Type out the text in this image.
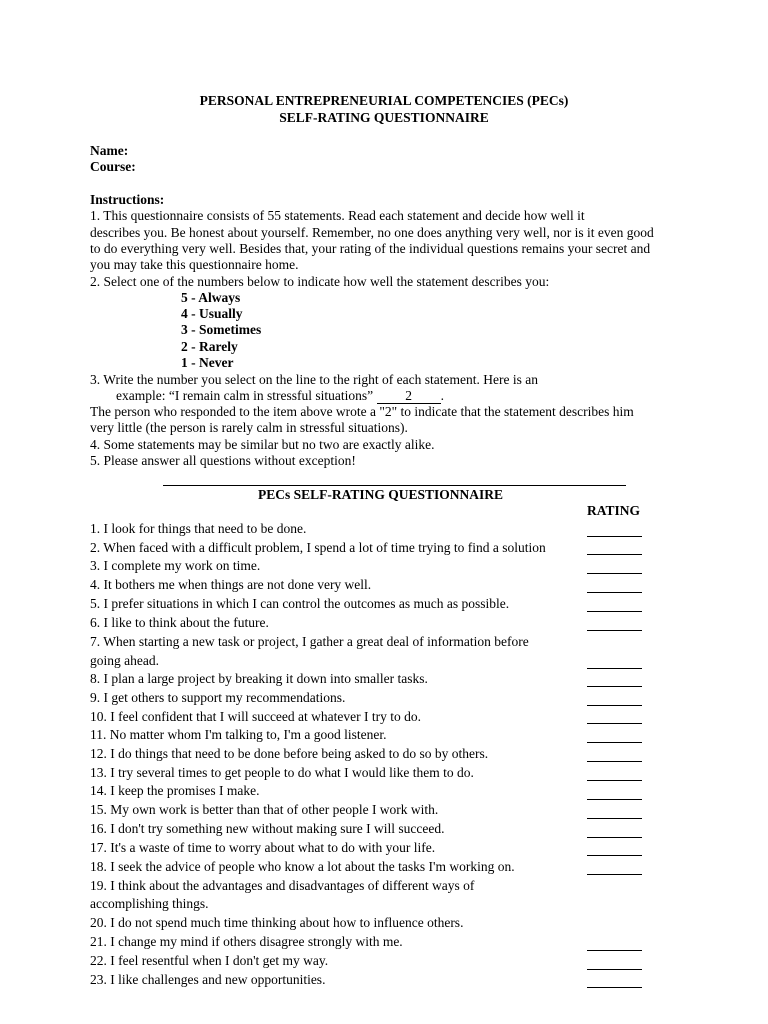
PERSONAL ENTREPRENEURIAL COMPETENCIES (PECs)
SELF-RATING QUESTIONNAIRE
Name:
Course:
Instructions:
1. This questionnaire consists of 55 statements. Read each statement and decide how well it
describes you. Be honest about yourself. Remember, no one does anything very well, nor is it even good
to do everything very well. Besides that, your rating of the individual questions remains your secret and
you may take this questionnaire home.
2. Select one of the numbers below to indicate how well the statement describes you:
5 - Always
4 - Usually
3 - Sometimes
2 - Rarely
1 - Never
3. Write the number you select on the line to the right of each statement. Here is an
example: “I remain calm in stressful situations” 2 .
The person who responded to the item above wrote a "2" to indicate that the statement describes him
very little (the person is rarely calm in stressful situations).
4. Some statements may be similar but no two are exactly alike.
5. Please answer all questions without exception!
PECs SELF-RATING QUESTIONNAIRE
RATING
1. I look for things that need to be done.
2. When faced with a difficult problem, I spend a lot of time trying to find a solution
3. I complete my work on time.
4. It bothers me when things are not done very well.
5. I prefer situations in which I can control the outcomes as much as possible.
6. I like to think about the future.
7. When starting a new task or project, I gather a great deal of information before
going ahead.
8. I plan a large project by breaking it down into smaller tasks.
9. I get others to support my recommendations.
10. I feel confident that I will succeed at whatever I try to do.
11. No matter whom I'm talking to, I'm a good listener.
12. I do things that need to be done before being asked to do so by others.
13. I try several times to get people to do what I would like them to do.
14. I keep the promises I make.
15. My own work is better than that of other people I work with.
16. I don't try something new without making sure I will succeed.
17. It's a waste of time to worry about what to do with your life.
18. I seek the advice of people who know a lot about the tasks I'm working on.
19. I think about the advantages and disadvantages of different ways of
accomplishing things.
20. I do not spend much time thinking about how to influence others.
21. I change my mind if others disagree strongly with me.
22. I feel resentful when I don't get my way.
23. I like challenges and new opportunities.
